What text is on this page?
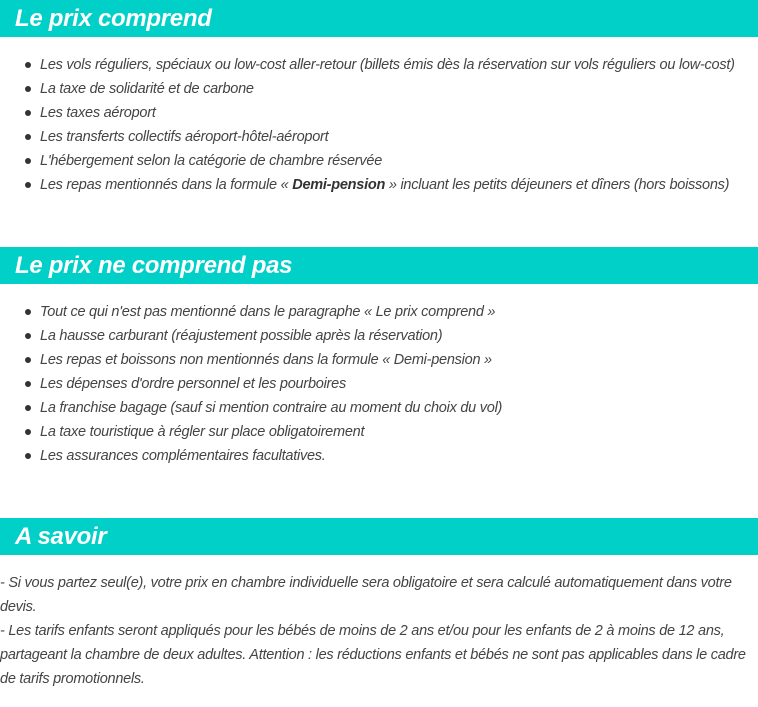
Le prix comprend
Les vols réguliers, spéciaux ou low-cost aller-retour (billets émis dès la réservation sur vols réguliers ou low-cost)
La taxe de solidarité et de carbone
Les taxes aéroport
Les transferts collectifs aéroport-hôtel-aéroport
L'hébergement selon la catégorie de chambre réservée
Les repas mentionnés dans la formule « Demi-pension » incluant les petits déjeuners et dîners (hors boissons)
Le prix ne comprend pas
Tout ce qui n'est pas mentionné dans le paragraphe « Le prix comprend »
La hausse carburant (réajustement possible après la réservation)
Les repas et boissons non mentionnés dans la formule « Demi-pension »
Les dépenses d'ordre personnel et les pourboires
La franchise bagage (sauf si mention contraire au moment du choix du vol)
La taxe touristique à régler sur place obligatoirement
Les assurances complémentaires facultatives.
A savoir

- Si vous partez seul(e), votre prix en chambre individuelle sera obligatoire et sera calculé automatiquement dans votre devis.

- Les tarifs enfants seront appliqués pour les bébés de moins de 2 ans et/ou pour les enfants de 2 à moins de 12 ans, partageant la chambre de deux adultes. Attention : les réductions enfants et bébés ne sont pas applicables dans le cadre de tarifs promotionnels.
